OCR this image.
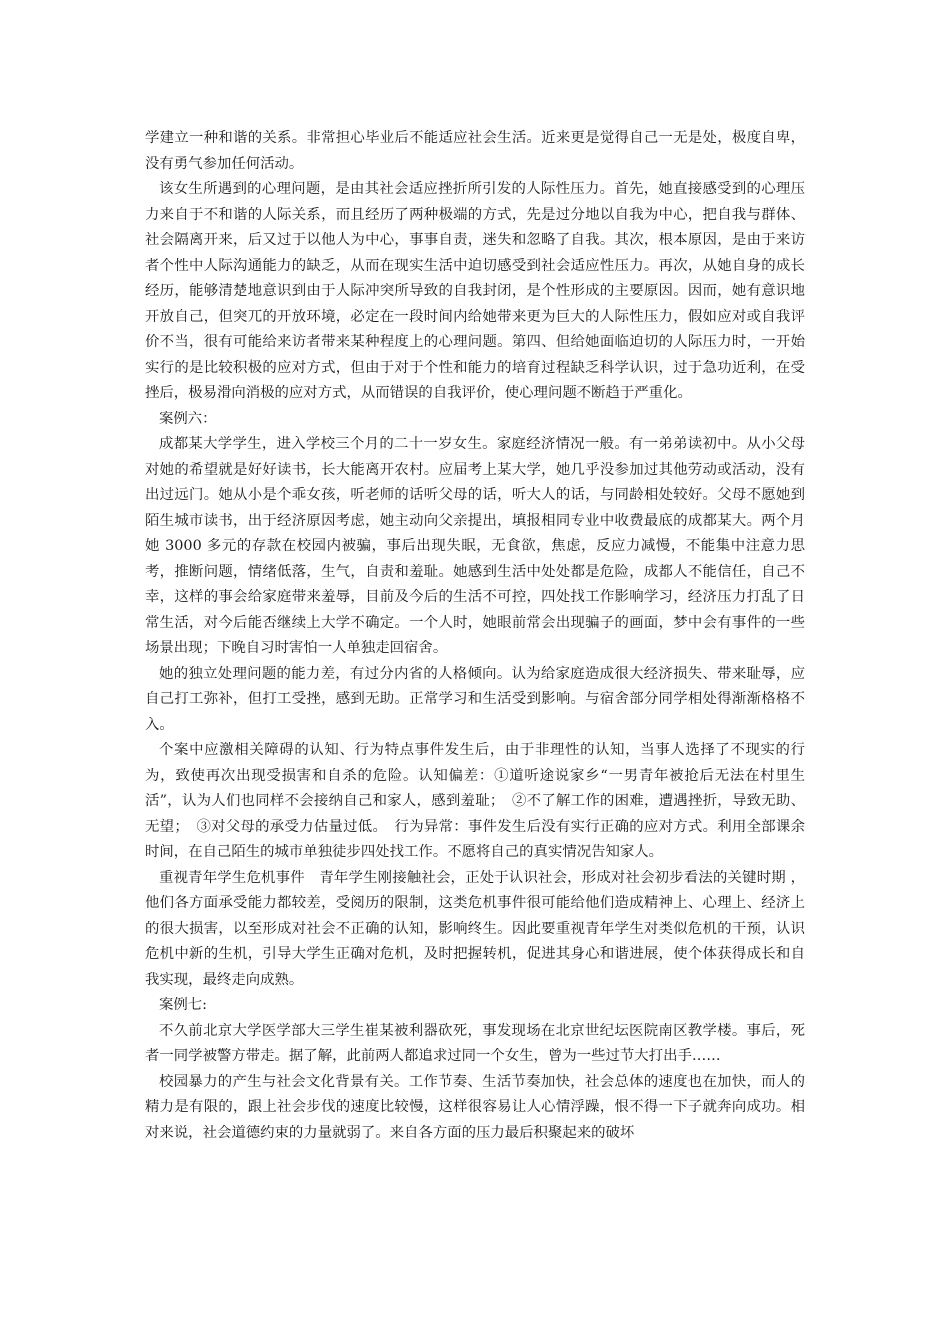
学建立一种和谐的关系。非常担心毕业后不能适应社会生活。近来更是觉得自己一无是处，极度自卑，没有勇气参加任何活动。

该女生所遇到的心理问题，是由其社会适应挫折所引发的人际性压力。首先，她直接感受到的心理压力来自于不和谐的人际关系，而且经历了两种极端的方式，先是过分地以自我为中心，把自我与群体、社会隔离开来，后又过于以他人为中心，事事自责，迷失和忽略了自我。其次，根本原因，是由于来访者个性中人际沟通能力的缺乏，从而在现实生活中迫切感受到社会适应性压力。再次，从她自身的成长经历，能够清楚地意识到由于人际冲突所导致的自我封闭，是个性形成的主要原因。因而，她有意识地开放自己，但突兀的开放环境，必定在一段时间内给她带来更为巨大的人际性压力，假如应对或自我评价不当，很有可能给来访者带来某种程度上的心理问题。第四、但给她面临迫切的人际压力时，一开始实行的是比较积极的应对方式，但由于对于个性和能力的培育过程缺乏科学认识，过于急功近利，在受挫后，极易滑向消极的应对方式，从而错误的自我评价，使心理问题不断趋于严重化。

案例六：

成都某大学学生，进入学校三个月的二十一岁女生。家庭经济情况一般。有一弟弟读初中。从小父母对她的希望就是好好读书，长大能离开农村。应届考上某大学，她几乎没参加过其他劳动或活动，没有出过远门。她从小是个乖女孩，听老师的话听父母的话，听大人的话，与同龄相处较好。父母不愿她到陌生城市读书，出于经济原因考虑，她主动向父亲提出，填报相同专业中收费最底的成都某大。两个月她 3000 多元的存款在校园内被骗，事后出现失眠，无食欲，焦虑，反应力减慢，不能集中注意力思考，推断问题，情绪低落，生气，自责和羞耻。她感到生活中处处都是危险，成都人不能信任，自己不幸，这样的事会给家庭带来羞辱，目前及今后的生活不可控，四处找工作影响学习，经济压力打乱了日常生活，对今后能否继续上大学不确定。一个人时，她眼前常会出现骗子的画面，梦中会有事件的一些场景出现；下晚自习时害怕一人单独走回宿舍。

她的独立处理问题的能力差，有过分内省的人格倾向。认为给家庭造成很大经济损失、带来耻辱，应自己打工弥补，但打工受挫，感到无助。正常学习和生活受到影响。与宿舍部分同学相处得渐渐格格不入。

个案中应激相关障碍的认知、行为特点事件发生后，由于非理性的认知，当事人选择了不现实的行为，致使再次出现受损害和自杀的危险。认知偏差：①道听途说家乡“一男青年被抢后无法在村里生活”，认为人们也同样不会接纳自己和家人，感到羞耻；　②不了解工作的困难，遭遇挫折，导致无助、无望；　③对父母的承受力估量过低。　行为异常：事件发生后没有实行正确的应对方式。利用全部课余时间，在自己陌生的城市单独徒步四处找工作。不愿将自己的真实情况告知家人。

重视青年学生危机事件　青年学生刚接触社会，正处于认识社会，形成对社会初步看法的关键时期 ，他们各方面承受能力都较差，受阅历的限制，这类危机事件很可能给他们造成精神上、心理上、经济上的很大损害，以至形成对社会不正确的认知，影响终生。因此要重视青年学生对类似危机的干预，认识危机中新的生机，引导大学生正确对危机，及时把握转机，促进其身心和谐进展，使个体获得成长和自我实现，最终走向成熟。

案例七:

不久前北京大学医学部大三学生崔某被利器砍死，事发现场在北京世纪坛医院南区教学楼。事后，死者一同学被警方带走。据了解，此前两人都追求过同一个女生，曾为一些过节大打出手……

校园暴力的产生与社会文化背景有关。工作节奏、生活节奏加快，社会总体的速度也在加快，而人的精力是有限的，跟上社会步伐的速度比较慢，这样很容易让人心情浮躁，恨不得一下子就奔向成功。相对来说，社会道德约束的力量就弱了。来自各方面的压力最后积聚起来的破坏
